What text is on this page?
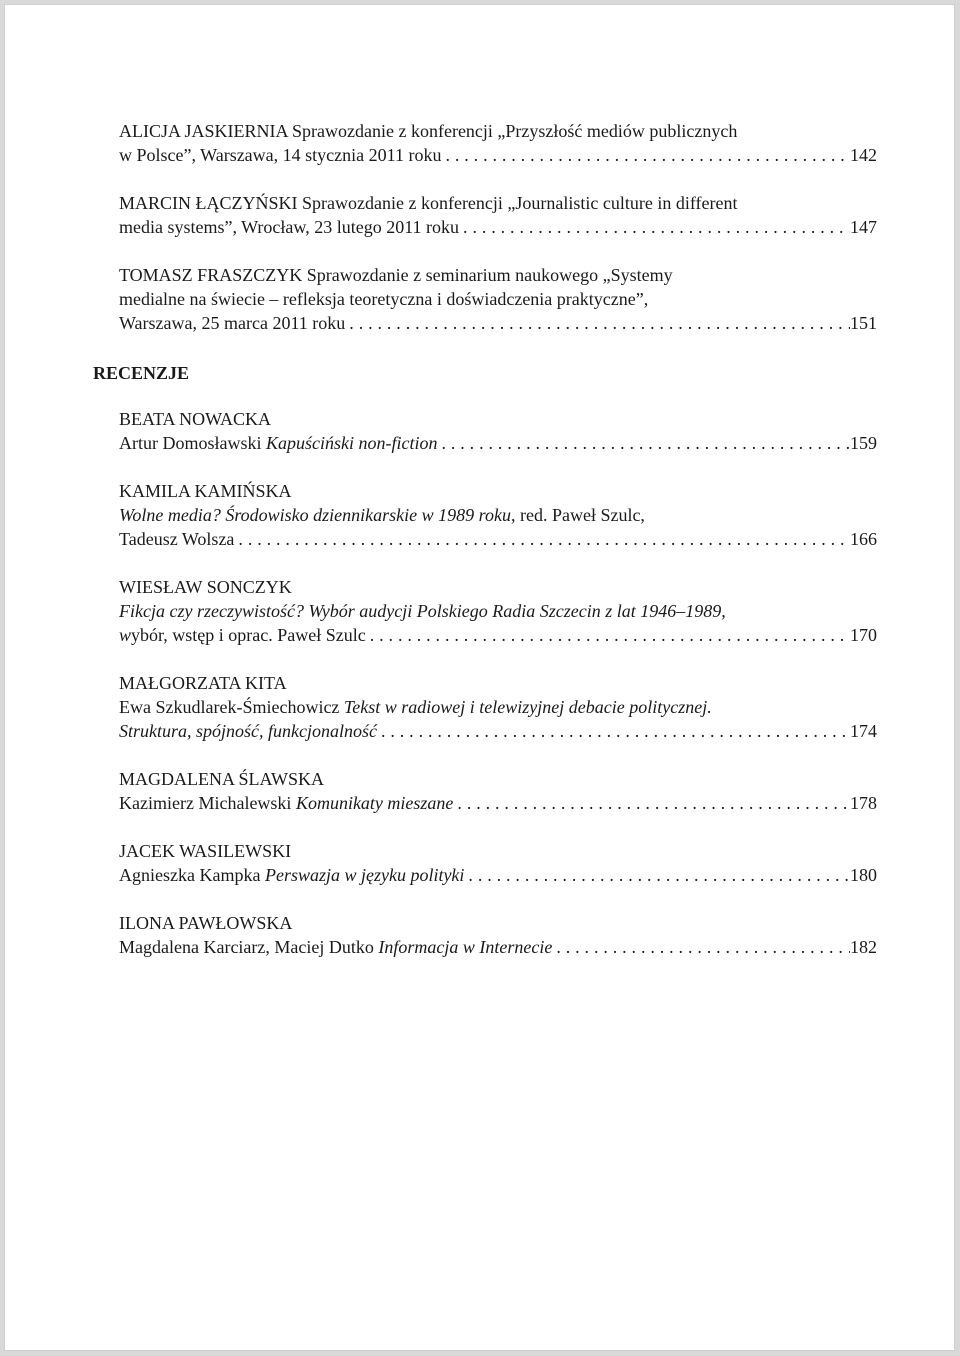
ALICJA JASKIERNIA Sprawozdanie z konferencji „Przyszłość mediów publicznych
w Polsce”, Warszawa, 14 stycznia 2011 roku . . .	142
MARCIN ŁĄCZYŃSKI Sprawozdanie z konferencji „Journalistic culture in different
media systems”, Wrocław, 23 lutego 2011 roku . . .	147
TOMASZ FRASZCZYK Sprawozdanie z seminarium naukowego „Systemy
medialne na świecie – refleksja teoretyczna i doświadczenia praktyczne”,
Warszawa, 25 marca 2011 roku . . .	151
RECENZJE
BEATA NOWACKA
Artur Domosławski Kapuściński non-fiction . . .	159
KAMILA KAMIŃSKA
Wolne media? Środowisko dziennikarskie w 1989 roku, red. Paweł Szulc,
Tadeusz Wolsza . . .	166
WIESŁAW SONCZYK
Fikcja czy rzeczywistość? Wybór audycji Polskiego Radia Szczecin z lat 1946–1989,
wybór, wstęp i oprac. Paweł Szulc . . .	170
MAŁGORZATA KITA
Ewa Szkudlarek-Śmiechowicz Tekst w radiowej i telewizyjnej debacie politycznej.
Struktura, spójność, funkcjonalność . . .	174
MAGDALENA ŚLAWSKA
Kazimierz Michalewski Komunikaty mieszane . . .	178
JACEK WASILEWSKI
Agnieszka Kampka Perswazja w języku polityki . . .	180
ILONA PAWŁOWSKA
Magdalena Karciarz, Maciej Dutko Informacja w Internecie . . .	182
